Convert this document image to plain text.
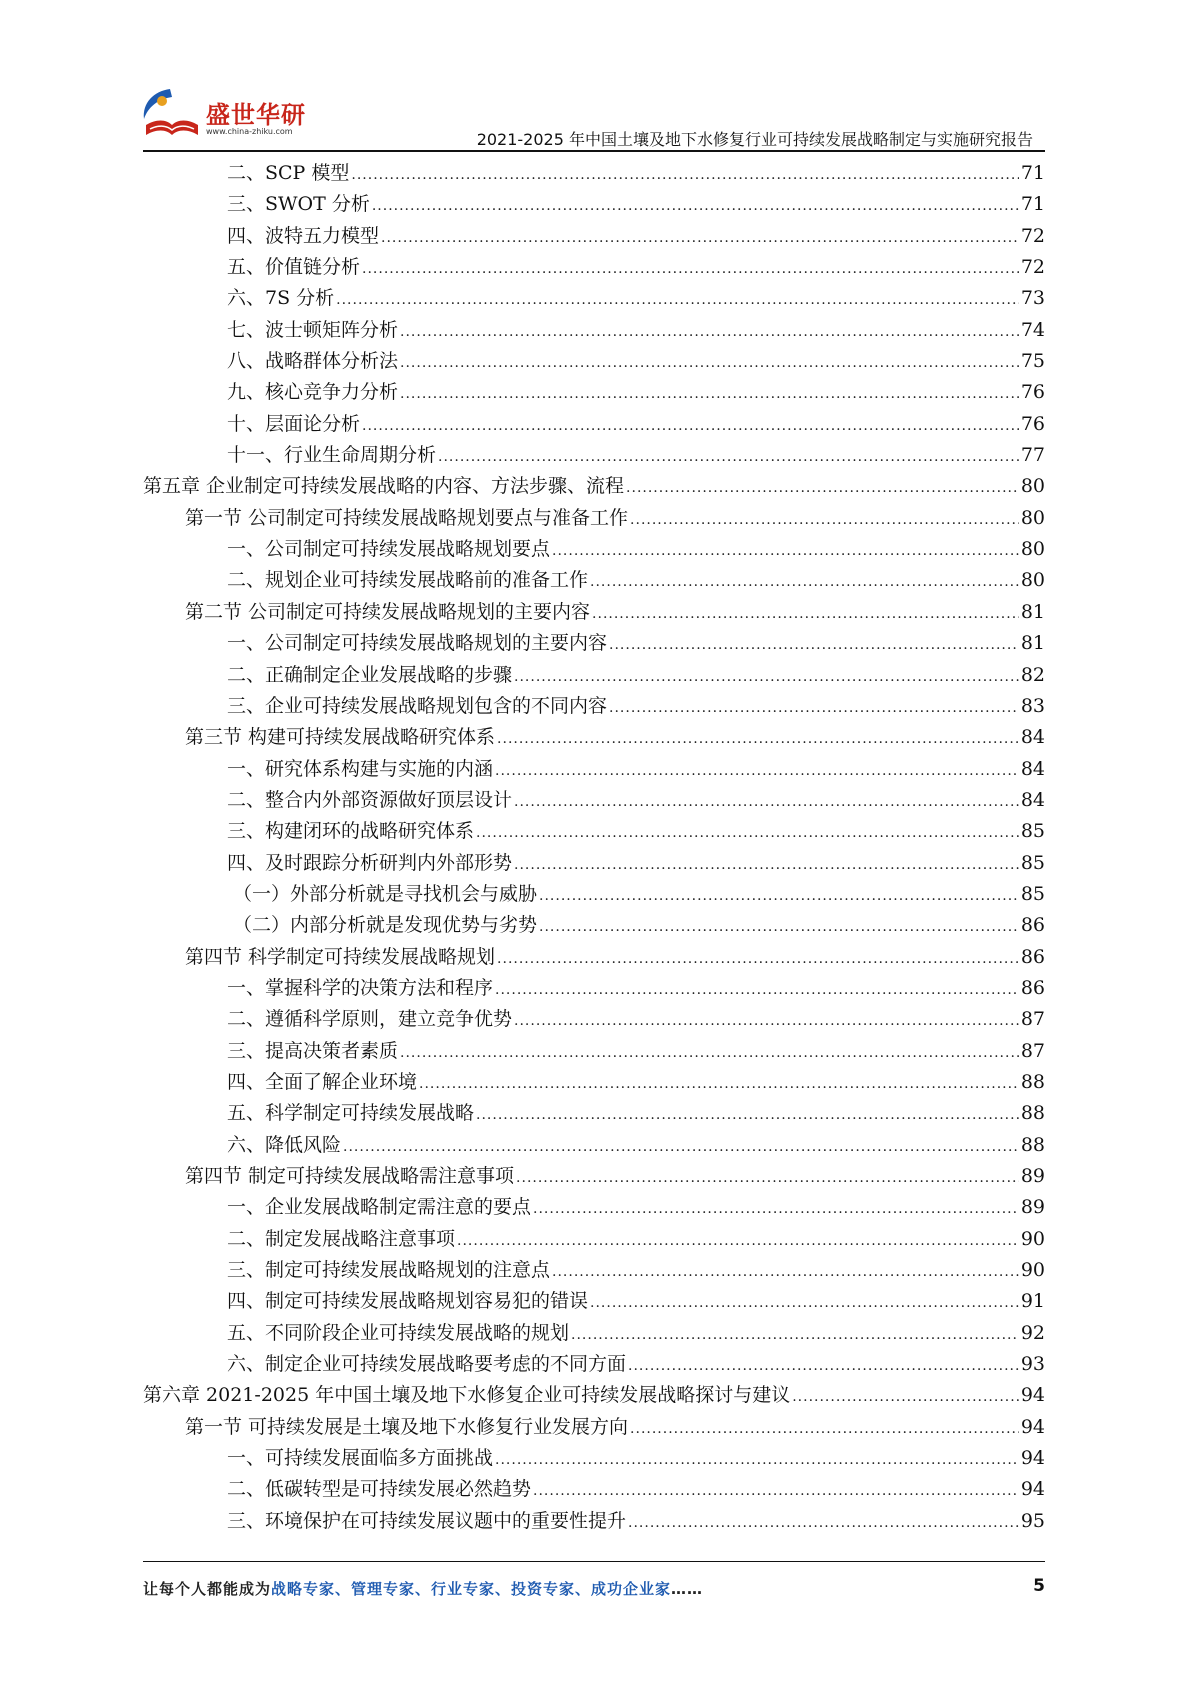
盛世华研
www.china-zhiku.com	2021-2025 年中国土壤及地下水修复行业可持续发展战略制定与实施研究报告
二、SCP 模型 .....	71
三、SWOT 分析 .....	71
四、波特五力模型 .....	72
五、价值链分析 .....	72
六、7S 分析 .....	73
七、波士顿矩阵分析 .....	74
八、战略群体分析法 .....	75
九、核心竞争力分析 .....	76
十、层面论分析 .....	76
十一、行业生命周期分析 .....	77
第五章 企业制定可持续发展战略的内容、方法步骤、流程 .....	80
第一节 公司制定可持续发展战略规划要点与准备工作 .....	80
一、公司制定可持续发展战略规划要点 .....	80
二、规划企业可持续发展战略前的准备工作 .....	80
第二节 公司制定可持续发展战略规划的主要内容 .....	81
一、公司制定可持续发展战略规划的主要内容 .....	81
二、正确制定企业发展战略的步骤 .....	82
三、企业可持续发展战略规划包含的不同内容 .....	83
第三节 构建可持续发展战略研究体系 .....	84
一、研究体系构建与实施的内涵 .....	84
二、整合内外部资源做好顶层设计 .....	84
三、构建闭环的战略研究体系 .....	85
四、及时跟踪分析研判内外部形势 .....	85
（一）外部分析就是寻找机会与威胁 .....	85
（二）内部分析就是发现优势与劣势 .....	86
第四节 科学制定可持续发展战略规划 .....	86
一、掌握科学的决策方法和程序 .....	86
二、遵循科学原则，建立竞争优势 .....	87
三、提高决策者素质 .....	87
四、全面了解企业环境 .....	88
五、科学制定可持续发展战略 .....	88
六、降低风险 .....	88
第四节 制定可持续发展战略需注意事项 .....	89
一、企业发展战略制定需注意的要点 .....	89
二、制定发展战略注意事项 .....	90
三、制定可持续发展战略规划的注意点 .....	90
四、制定可持续发展战略规划容易犯的错误 .....	91
五、不同阶段企业可持续发展战略的规划 .....	92
六、制定企业可持续发展战略要考虑的不同方面 .....	93
第六章 2021-2025 年中国土壤及地下水修复企业可持续发展战略探讨与建议 .....	94
第一节 可持续发展是土壤及地下水修复行业发展方向 .....	94
一、可持续发展面临多方面挑战 .....	94
二、低碳转型是可持续发展必然趋势 .....	94
三、环境保护在可持续发展议题中的重要性提升 .....	95
让每个人都能成为战略专家、管理专家、行业专家、投资专家、成功企业家……	5
